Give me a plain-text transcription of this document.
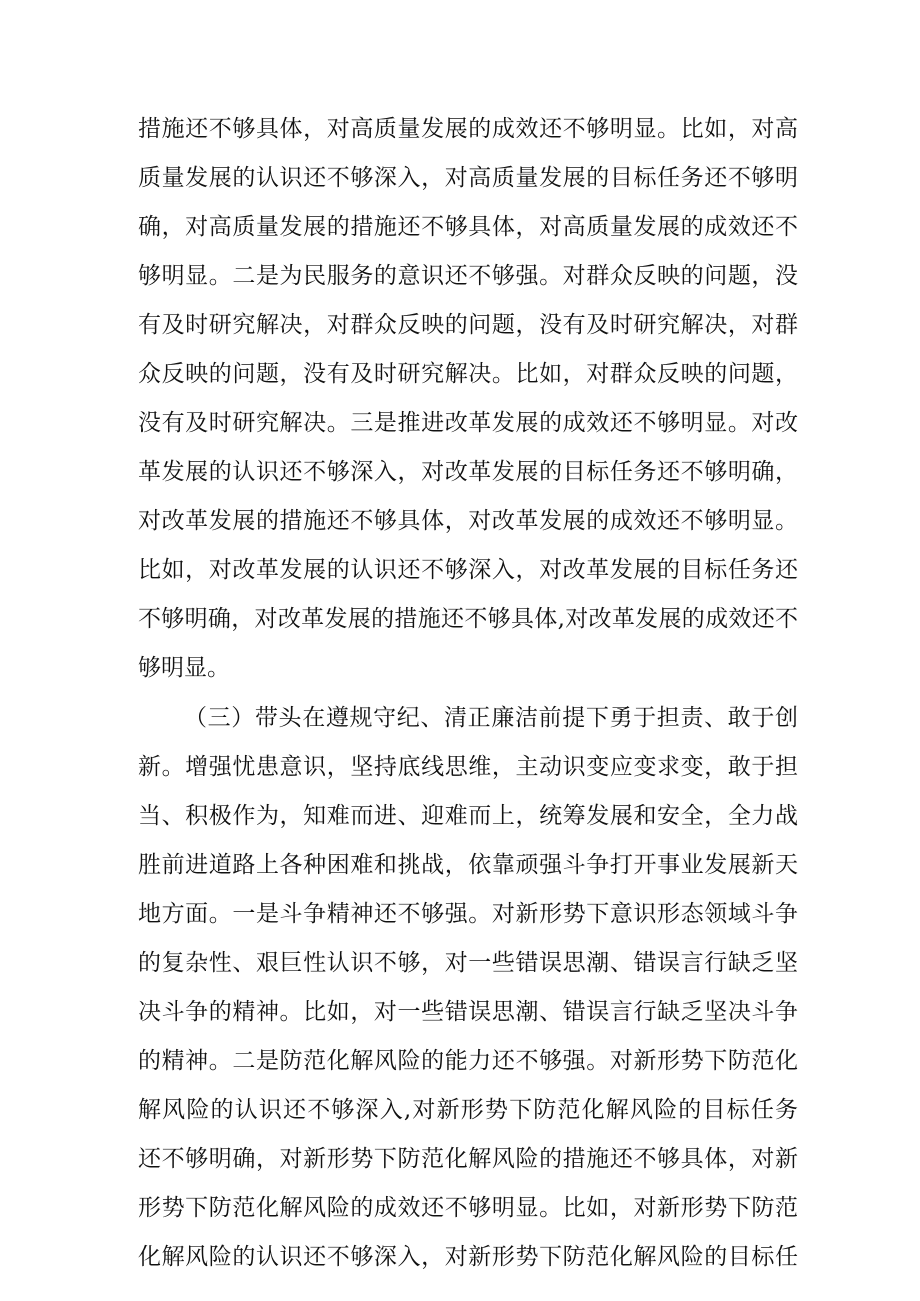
措施还不够具体，对高质量发展的成效还不够明显。比如，对高
质量发展的认识还不够深入，对高质量发展的目标任务还不够明
确，对高质量发展的措施还不够具体，对高质量发展的成效还不
够明显。二是为民服务的意识还不够强。对群众反映的问题，没
有及时研究解决，对群众反映的问题，没有及时研究解决，对群
众反映的问题，没有及时研究解决。比如，对群众反映的问题，
没有及时研究解决。三是推进改革发展的成效还不够明显。对改
革发展的认识还不够深入，对改革发展的目标任务还不够明确，
对改革发展的措施还不够具体，对改革发展的成效还不够明显。
比如，对改革发展的认识还不够深入，对改革发展的目标任务还
不够明确，对改革发展的措施还不够具体,对改革发展的成效还不
够明显。
（三）带头在遵规守纪、清正廉洁前提下勇于担责、敢于创
新。增强忧患意识，坚持底线思维，主动识变应变求变，敢于担
当、积极作为，知难而进、迎难而上，统筹发展和安全，全力战
胜前进道路上各种困难和挑战，依靠顽强斗争打开事业发展新天
地方面。一是斗争精神还不够强。对新形势下意识形态领域斗争
的复杂性、艰巨性认识不够，对一些错误思潮、错误言行缺乏坚
决斗争的精神。比如，对一些错误思潮、错误言行缺乏坚决斗争
的精神。二是防范化解风险的能力还不够强。对新形势下防范化
解风险的认识还不够深入,对新形势下防范化解风险的目标任务
还不够明确，对新形势下防范化解风险的措施还不够具体，对新
形势下防范化解风险的成效还不够明显。比如，对新形势下防范
化解风险的认识还不够深入，对新形势下防范化解风险的目标任
